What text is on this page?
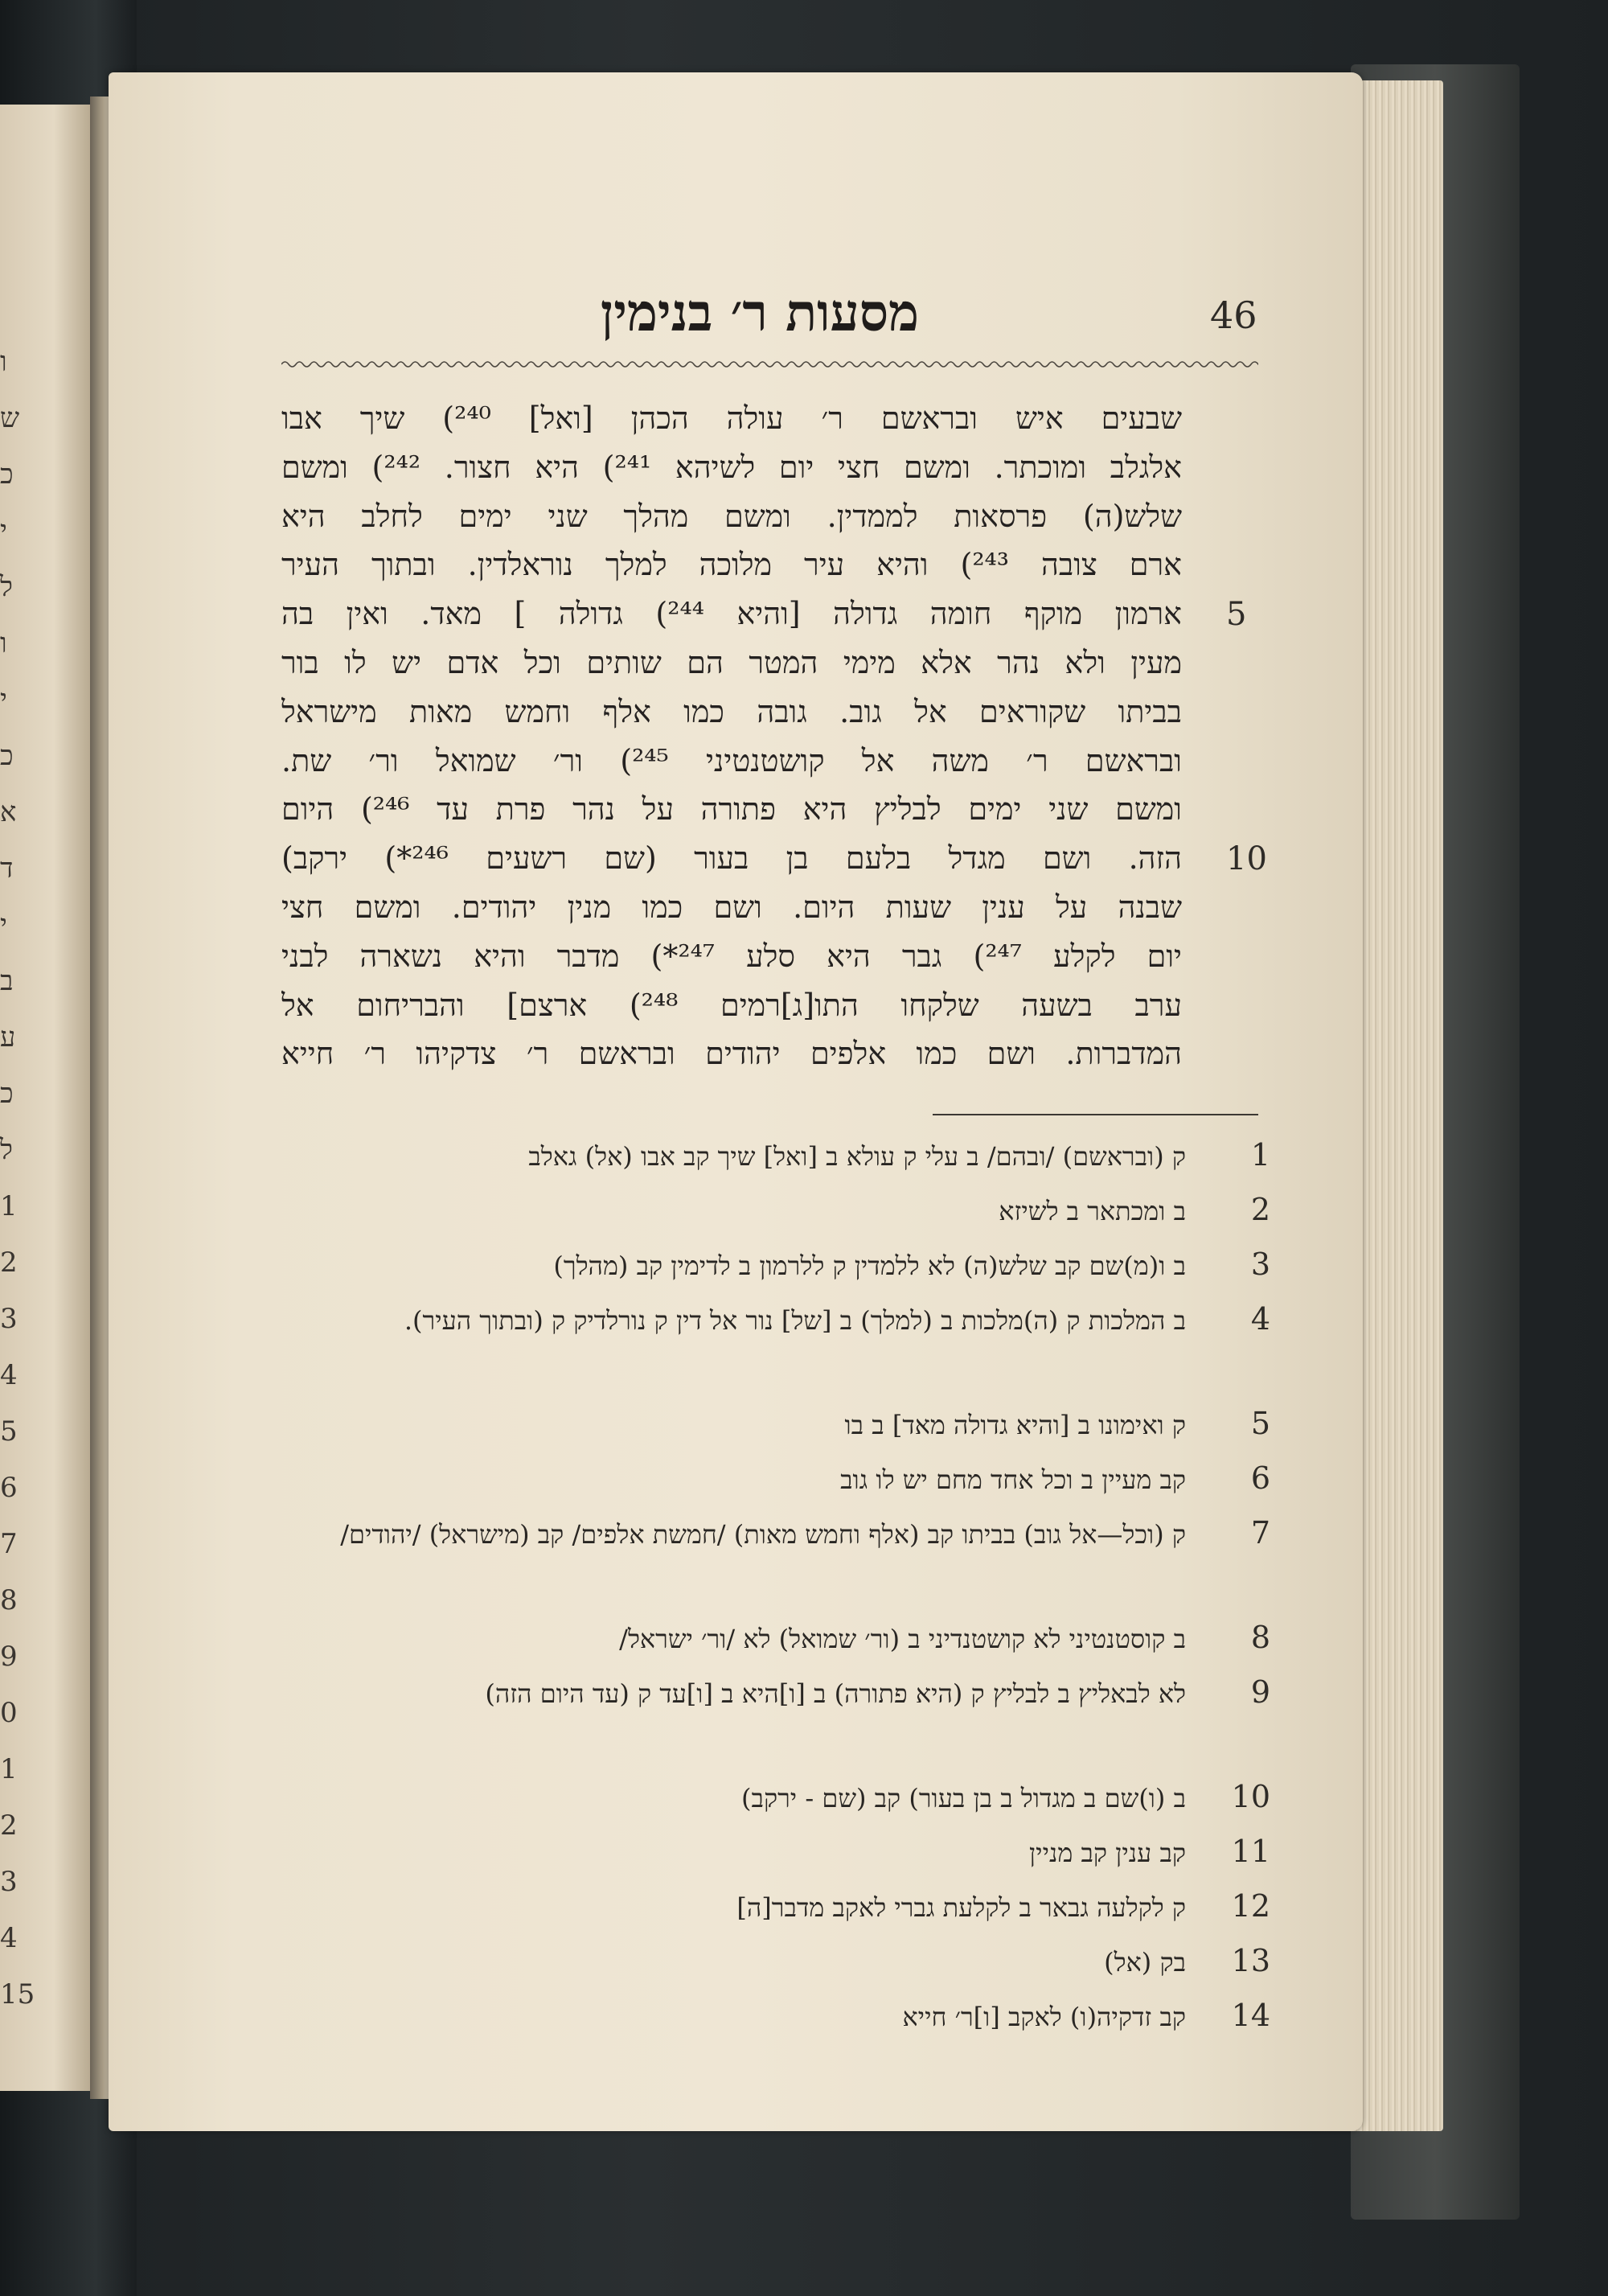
ו
ש
כ
י
ל
ו
י
כ
א
ד
י
ב
ע
כ
ל
1
2
3
4
5
6
7
8
9
0
1
2
3
4
15
מסעות ר׳ בנימין	46
שבעים איש ובראשם ר׳ עולה הכהן [ואל] ²⁴⁰) שיך אבו
אלגלב ומוכתר. ומשם חצי יום לשיהא ²⁴¹) היא חצור. ²⁴²) ומשם
שלש(ה) פרסאות לממדין. ומשם מהלך שני ימים לחלב היא
ארם צובה ²⁴³) והיא עיר מלוכה למלך נוראלדין. ובתוך העיר
ארמון מוקף חומה גדולה [והיא ²⁴⁴) גדולה ] מאד. ואין בה
מעין ולא נהר אלא מימי המטר הם שותים וכל אדם יש לו בור
בביתו שקוראים אל גוב. גובה כמו אלף וחמש מאות מישראל
ובראשם ר׳ משה אל קושטנטיני ²⁴⁵) ור׳ שמואל ור׳ שת.
ומשם שני ימים לבליץ היא פתורה על נהר פרת עד ²⁴⁶) היום
הזה. ושם מגדל בלעם בן בעור (שם רשעים ²⁴⁶*) ירקב)
שבנה על ענין שעות היום. ושם כמו מנין יהודים. ומשם חצי
יום לקלע ²⁴⁷) גבר היא סלע ²⁴⁷*) מדבר והיא נשארה לבני
ערב בשעה שלקחו התו[ג]רמים ²⁴⁸) ארצם] והבריחום אל
המדברות. ושם כמו אלפים יהודים ובראשם ר׳ צדקיהו ר׳ חייא
5
10
1
ק (ובראשם) /ובהם/ ב עלי ק עולא ב [ואל] שיך קב אבו (אל) גאלב
2
ב ומכתאר ב לשיזא
3
ב ו(מ)שם קב שלש(ה) לא ללמדין ק ללרמון ב לדימין קב (מהלך)
4
ב המלכות ק (ה)מלכות ב (למלך) ב [של] נור אל דין ק נורלדיק ק (ובתוך העיר).
5
ק ואימונו ב [והיא גדולה מאד] ב בו
6
קב מעיין ב וכל אחד מחם יש לו גוב
7
ק (וכל—אל גוב) בביתו קב (אלף וחמש מאות) /חמשת אלפים/ קב (מישראל) /יהודים/
8
ב קוסטנטיני לא קושטנדיני ב (ור׳ שמואל) לא /ור׳ ישראל/
9
לא לבאליץ ב לבליץ ק (היא פתורה) ב [ו]היא ב [ו]עד ק (עד היום הזה)
10
ב (ו)שם ב מגדול ב בן בעור) קב (שם - ירקב)
11
קב ענין קב מניין
12
ק לקלעה גבאר ב לקלעת גברי לאקב מדבר[ה]
13
בק (אל)
14
קב זדקיה(ו) לאקב [ו]ר׳ חייא
